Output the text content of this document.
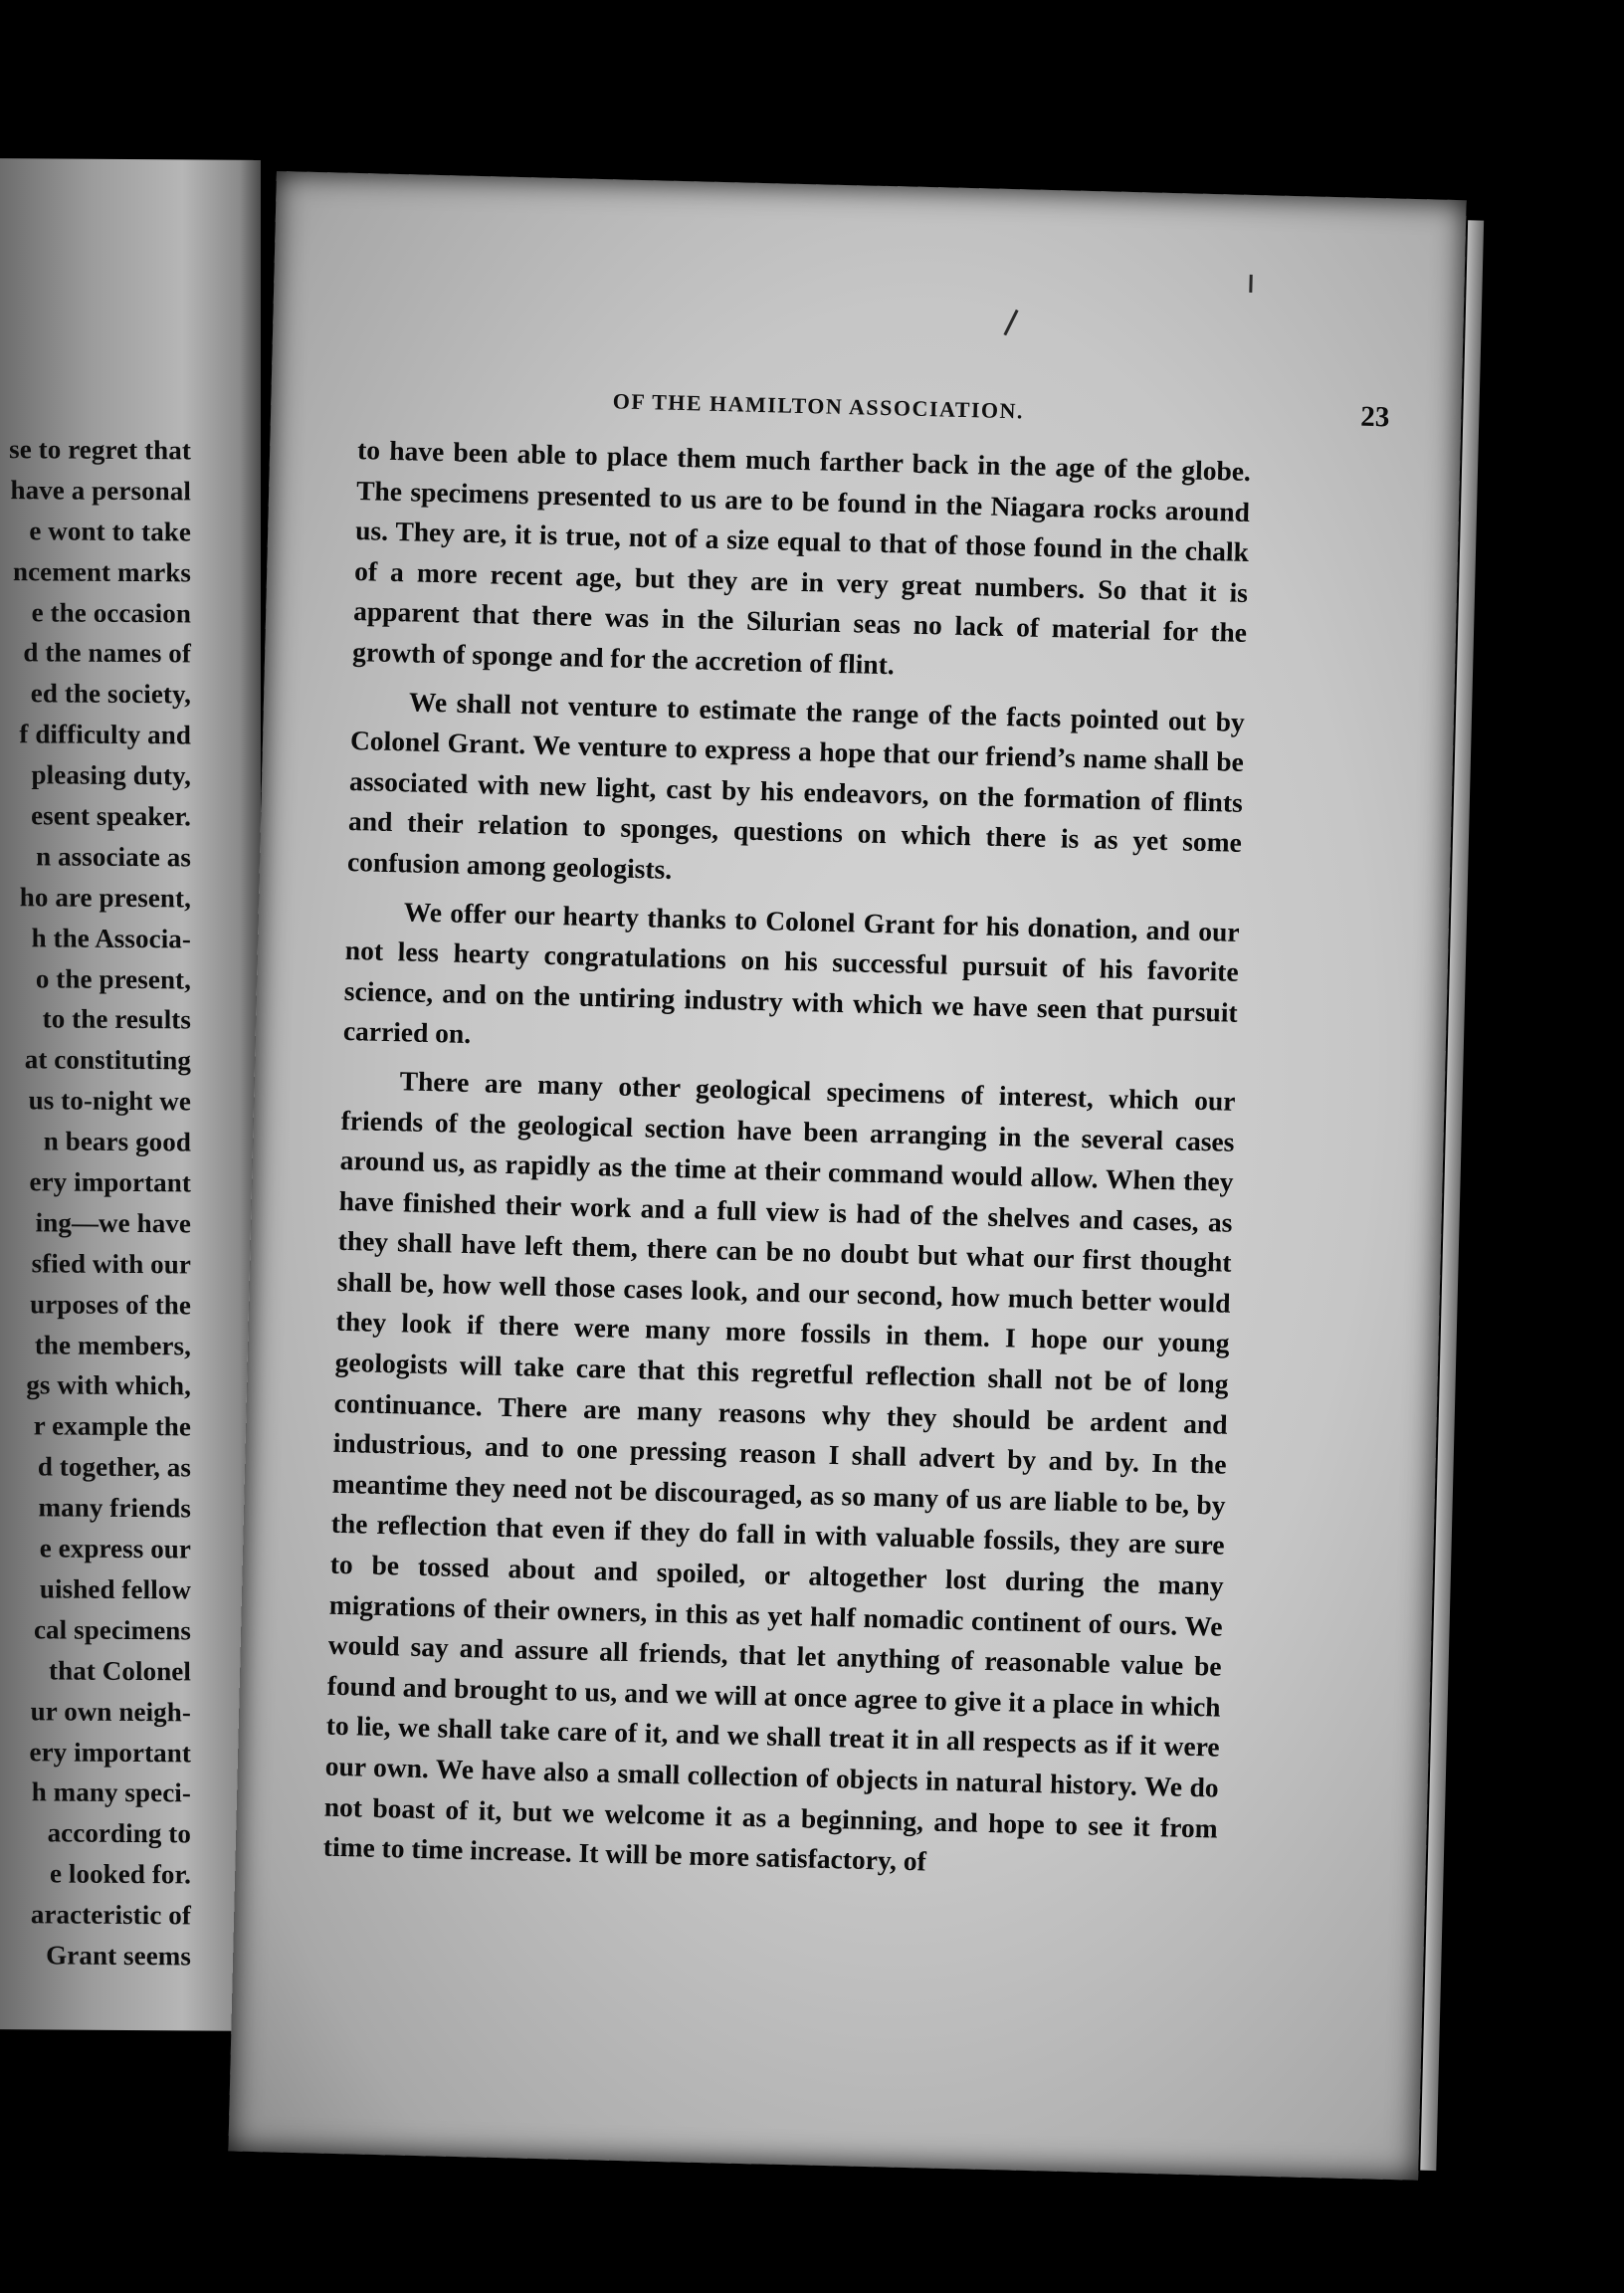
se to regret that
have a personal
e wont to take
ncement marks
e the occasion
d the names of
ed the society,
f difficulty and
pleasing duty,
esent speaker.
n associate as
ho are present,
h the Associa-
o the present,
to the results
at constituting
us to-night we
n bears good
ery important
ing—we have
sfied with our
urposes of the
the members,
gs with which,
r example the
d together, as
many friends
e express our
uished fellow
cal specimens
that Colonel
ur own neigh-
ery important
h many speci-
according to
e looked for.
aracteristic of
Grant seems
OF THE HAMILTON ASSOCIATION.	23

to have been able to place them much farther back in the age of the globe. The specimens presented to us are to be found in the Niagara rocks around us. They are, it is true, not of a size equal to that of those found in the chalk of a more recent age, but they are in very great numbers. So that it is apparent that there was in the Silurian seas no lack of material for the growth of sponge and for the accretion of flint.

We shall not venture to estimate the range of the facts pointed out by Colonel Grant. We venture to express a hope that our friend’s name shall be associated with new light, cast by his endeavors, on the formation of flints and their relation to sponges, questions on which there is as yet some confusion among geologists.

We offer our hearty thanks to Colonel Grant for his donation, and our not less hearty congratulations on his successful pursuit of his favorite science, and on the untiring industry with which we have seen that pursuit carried on.

There are many other geological specimens of interest, which our friends of the geological section have been arranging in the several cases around us, as rapidly as the time at their command would allow. When they have finished their work and a full view is had of the shelves and cases, as they shall have left them, there can be no doubt but what our first thought shall be, how well those cases look, and our second, how much better would they look if there were many more fossils in them. I hope our young geologists will take care that this regretful reflection shall not be of long continuance. There are many reasons why they should be ardent and industrious, and to one pressing reason I shall advert by and by. In the meantime they need not be discouraged, as so many of us are liable to be, by the reflection that even if they do fall in with valuable fossils, they are sure to be tossed about and spoiled, or altogether lost during the many migrations of their owners, in this as yet half nomadic continent of ours. We would say and assure all friends, that let anything of reasonable value be found and brought to us, and we will at once agree to give it a place in which to lie, we shall take care of it, and we shall treat it in all respects as if it were our own. We have also a small collection of objects in natural history. We do not boast of it, but we welcome it as a beginning, and hope to see it from time to time increase. It will be more satisfactory, of
